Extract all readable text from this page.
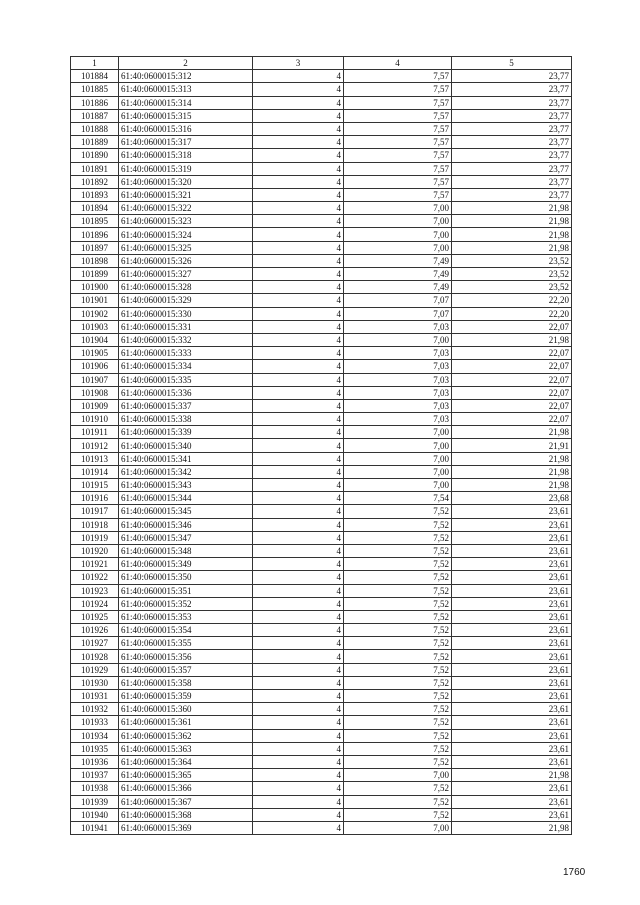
1	2	3	4	5
101884	61:40:0600015:312	4	7,57	23,77
101885	61:40:0600015:313	4	7,57	23,77
101886	61:40:0600015:314	4	7,57	23,77
101887	61:40:0600015:315	4	7,57	23,77
101888	61:40:0600015:316	4	7,57	23,77
101889	61:40:0600015:317	4	7,57	23,77
101890	61:40:0600015:318	4	7,57	23,77
101891	61:40:0600015:319	4	7,57	23,77
101892	61:40:0600015:320	4	7,57	23,77
101893	61:40:0600015:321	4	7,57	23,77
101894	61:40:0600015:322	4	7,00	21,98
101895	61:40:0600015:323	4	7,00	21,98
101896	61:40:0600015:324	4	7,00	21,98
101897	61:40:0600015:325	4	7,00	21,98
101898	61:40:0600015:326	4	7,49	23,52
101899	61:40:0600015:327	4	7,49	23,52
101900	61:40:0600015:328	4	7,49	23,52
101901	61:40:0600015:329	4	7,07	22,20
101902	61:40:0600015:330	4	7,07	22,20
101903	61:40:0600015:331	4	7,03	22,07
101904	61:40:0600015:332	4	7,00	21,98
101905	61:40:0600015:333	4	7,03	22,07
101906	61:40:0600015:334	4	7,03	22,07
101907	61:40:0600015:335	4	7,03	22,07
101908	61:40:0600015:336	4	7,03	22,07
101909	61:40:0600015:337	4	7,03	22,07
101910	61:40:0600015:338	4	7,03	22,07
101911	61:40:0600015:339	4	7,00	21,98
101912	61:40:0600015:340	4	7,00	21,91
101913	61:40:0600015:341	4	7,00	21,98
101914	61:40:0600015:342	4	7,00	21,98
101915	61:40:0600015:343	4	7,00	21,98
101916	61:40:0600015:344	4	7,54	23,68
101917	61:40:0600015:345	4	7,52	23,61
101918	61:40:0600015:346	4	7,52	23,61
101919	61:40:0600015:347	4	7,52	23,61
101920	61:40:0600015:348	4	7,52	23,61
101921	61:40:0600015:349	4	7,52	23,61
101922	61:40:0600015:350	4	7,52	23,61
101923	61:40:0600015:351	4	7,52	23,61
101924	61:40:0600015:352	4	7,52	23,61
101925	61:40:0600015:353	4	7,52	23,61
101926	61:40:0600015:354	4	7,52	23,61
101927	61:40:0600015:355	4	7,52	23,61
101928	61:40:0600015:356	4	7,52	23,61
101929	61:40:0600015:357	4	7,52	23,61
101930	61:40:0600015:358	4	7,52	23,61
101931	61:40:0600015:359	4	7,52	23,61
101932	61:40:0600015:360	4	7,52	23,61
101933	61:40:0600015:361	4	7,52	23,61
101934	61:40:0600015:362	4	7,52	23,61
101935	61:40:0600015:363	4	7,52	23,61
101936	61:40:0600015:364	4	7,52	23,61
101937	61:40:0600015:365	4	7,00	21,98
101938	61:40:0600015:366	4	7,52	23,61
101939	61:40:0600015:367	4	7,52	23,61
101940	61:40:0600015:368	4	7,52	23,61
101941	61:40:0600015:369	4	7,00	21,98
1760
